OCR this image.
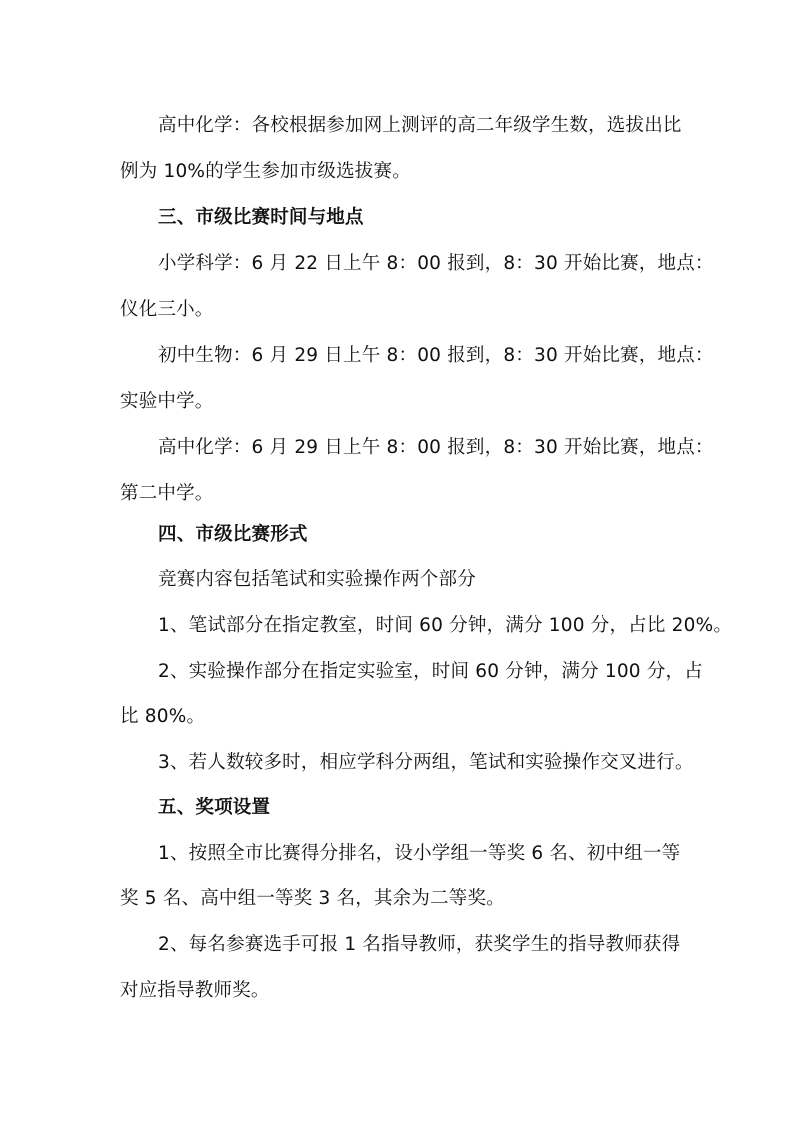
高中化学：各校根据参加网上测评的高二年级学生数，选拔出比
例为 10%的学生参加市级选拔赛。
三、市级比赛时间与地点
小学科学：6 月 22 日上午 8：00 报到，8：30 开始比赛，地点：
仪化三小。
初中生物：6 月 29 日上午 8：00 报到，8：30 开始比赛，地点：
实验中学。
高中化学：6 月 29 日上午 8：00 报到，8：30 开始比赛，地点：
第二中学。
四、市级比赛形式
竞赛内容包括笔试和实验操作两个部分
1、笔试部分在指定教室，时间 60 分钟，满分 100 分，占比 20%。
2、实验操作部分在指定实验室，时间 60 分钟，满分 100 分，占
比 80%。
3、若人数较多时，相应学科分两组，笔试和实验操作交叉进行。
五、奖项设置
1、按照全市比赛得分排名，设小学组一等奖 6 名、初中组一等
奖 5 名、高中组一等奖 3 名，其余为二等奖。
2、每名参赛选手可报 1 名指导教师，获奖学生的指导教师获得
对应指导教师奖。
